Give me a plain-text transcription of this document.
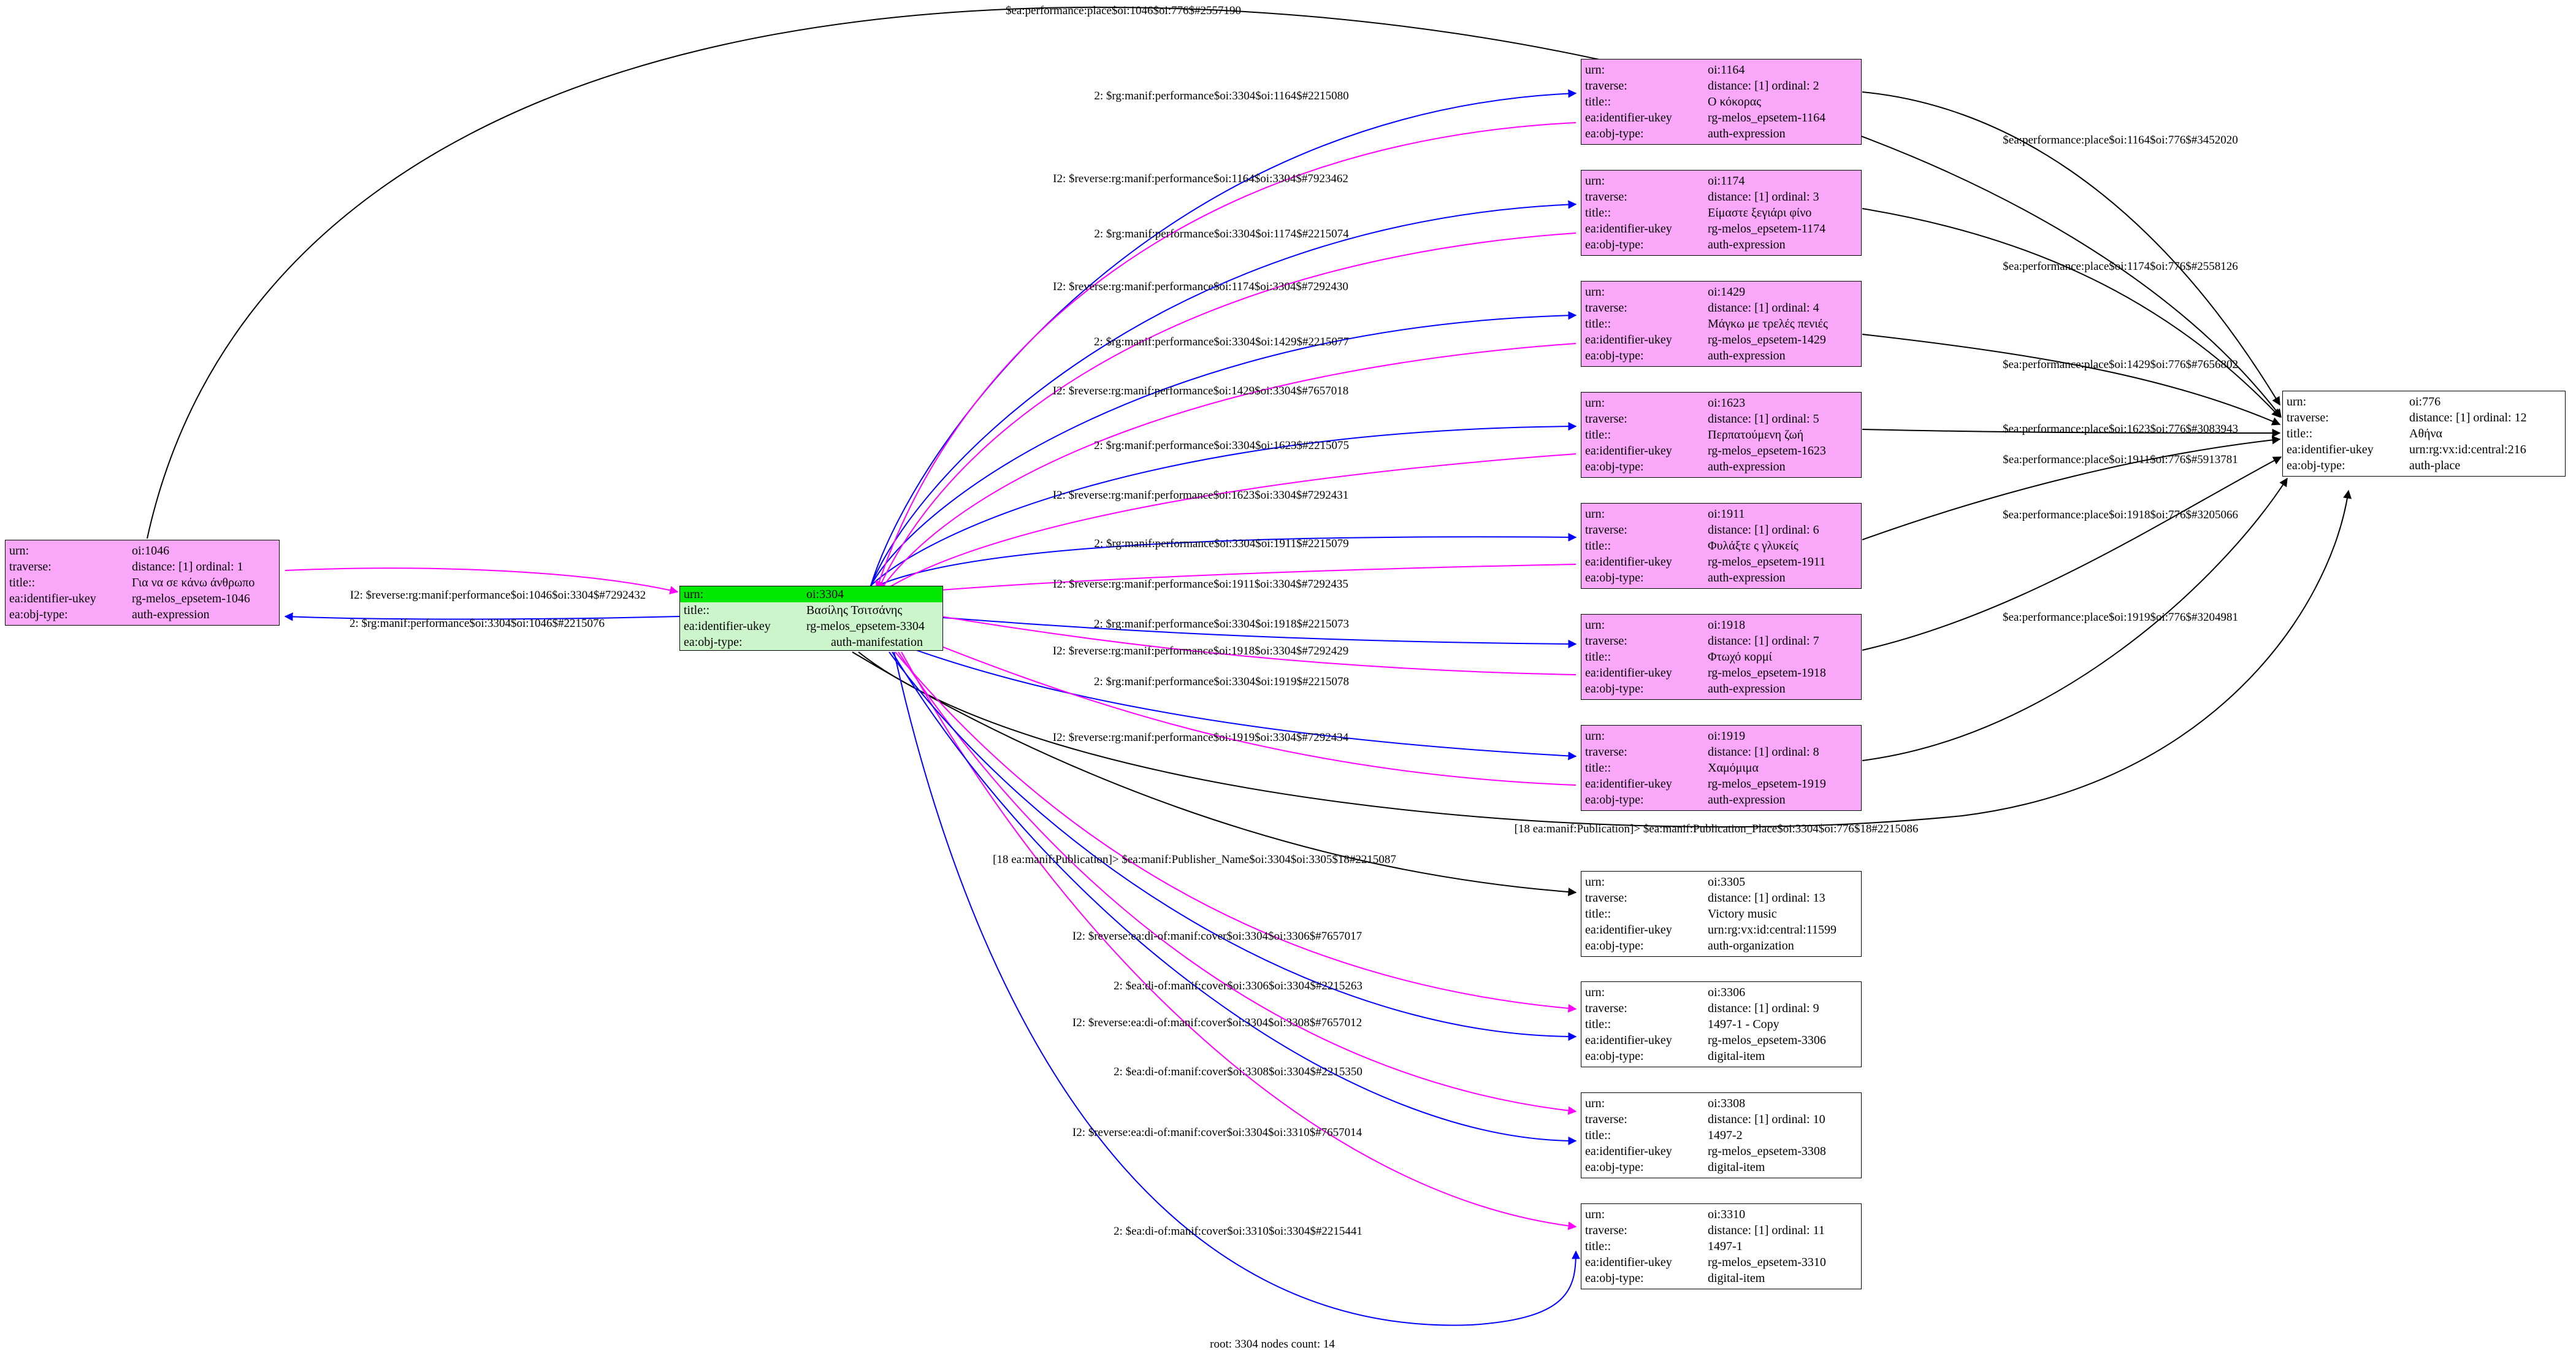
urn:	oi:1046
traverse:	distance: [1] ordinal: 1
title::	Για να σε κάνω άνθρωπο
ea:identifier-ukey	rg-melos_epsetem-1046
ea:obj-type:	auth-expression
urn:	oi:3304
title::	Βασίλης Τσιτσάνης
ea:identifier-ukey	rg-melos_epsetem-3304
ea:obj-type:	auth-manifestation
urn:	oi:1164
traverse:	distance: [1] ordinal: 2
title::	Ο κόκορας
ea:identifier-ukey	rg-melos_epsetem-1164
ea:obj-type:	auth-expression
urn:	oi:1174
traverse:	distance: [1] ordinal: 3
title::	Είμαστε ξεγιάρι φίνο
ea:identifier-ukey	rg-melos_epsetem-1174
ea:obj-type:	auth-expression
urn:	oi:1429
traverse:	distance: [1] ordinal: 4
title::	Μάγκω με τρελές πενιές
ea:identifier-ukey	rg-melos_epsetem-1429
ea:obj-type:	auth-expression
urn:	oi:1623
traverse:	distance: [1] ordinal: 5
title::	Περπατούμενη ζωή
ea:identifier-ukey	rg-melos_epsetem-1623
ea:obj-type:	auth-expression
urn:	oi:1911
traverse:	distance: [1] ordinal: 6
title::	Φυλάξτε ς γλυκείς
ea:identifier-ukey	rg-melos_epsetem-1911
ea:obj-type:	auth-expression
urn:	oi:1918
traverse:	distance: [1] ordinal: 7
title::	Φτωχό κορμί
ea:identifier-ukey	rg-melos_epsetem-1918
ea:obj-type:	auth-expression
urn:	oi:1919
traverse:	distance: [1] ordinal: 8
title::	Χαμόμιμα
ea:identifier-ukey	rg-melos_epsetem-1919
ea:obj-type:	auth-expression
urn:	oi:776
traverse:	distance: [1] ordinal: 12
title::	Αθήνα
ea:identifier-ukey	urn:rg:vx:id:central:216
ea:obj-type:	auth-place
urn:	oi:3305
traverse:	distance: [1] ordinal: 13
title::	Victory music
ea:identifier-ukey	urn:rg:vx:id:central:11599
ea:obj-type:	auth-organization
urn:	oi:3306
traverse:	distance: [1] ordinal: 9
title::	1497-1 - Copy
ea:identifier-ukey	rg-melos_epsetem-3306
ea:obj-type:	digital-item
urn:	oi:3308
traverse:	distance: [1] ordinal: 10
title::	1497-2
ea:identifier-ukey	rg-melos_epsetem-3308
ea:obj-type:	digital-item
urn:	oi:3310
traverse:	distance: [1] ordinal: 11
title::	1497-1
ea:identifier-ukey	rg-melos_epsetem-3310
ea:obj-type:	digital-item
$ea:performance:place$oi:1046$oi:776$#2557190
2: $rg:manif:performance$oi:3304$oi:1164$#2215080
I2: $reverse:rg:manif:performance$oi:1164$oi:3304$#7923462
2: $rg:manif:performance$oi:3304$oi:1174$#2215074
I2: $reverse:rg:manif:performance$oi:1174$oi:3304$#7292430
2: $rg:manif:performance$oi:3304$oi:1429$#2215077
I2: $reverse:rg:manif:performance$oi:1429$oi:3304$#7657018
2: $rg:manif:performance$oi:3304$oi:1623$#2215075
I2: $reverse:rg:manif:performance$oi:1623$oi:3304$#7292431
2: $rg:manif:performance$oi:3304$oi:1911$#2215079
I2: $reverse:rg:manif:performance$oi:1911$oi:3304$#7292435
2: $rg:manif:performance$oi:3304$oi:1918$#2215073
I2: $reverse:rg:manif:performance$oi:1918$oi:3304$#7292429
2: $rg:manif:performance$oi:3304$oi:1919$#2215078
I2: $reverse:rg:manif:performance$oi:1919$oi:3304$#7292434
I2: $reverse:rg:manif:performance$oi:1046$oi:3304$#7292432
2: $rg:manif:performance$oi:3304$oi:1046$#2215076
$ea:performance:place$oi:1164$oi:776$#3452020
$ea:performance:place$oi:1174$oi:776$#2558126
$ea:performance:place$oi:1429$oi:776$#7656802
$ea:performance:place$oi:1623$oi:776$#3083943
$ea:performance:place$oi:1911$oi:776$#5913781
$ea:performance:place$oi:1918$oi:776$#3205066
$ea:performance:place$oi:1919$oi:776$#3204981
[18 ea:manif:Publication]> $ea:manif:Publication_Place$oi:3304$oi:776$18#2215086
[18 ea:manif:Publication]> $ea:manif:Publisher_Name$oi:3304$oi:3305$18#2215087
I2: $reverse:ea:di-of:manif:cover$oi:3304$oi:3306$#7657017
2: $ea:di-of:manif:cover$oi:3306$oi:3304$#2215263
I2: $reverse:ea:di-of:manif:cover$oi:3304$oi:3308$#7657012
2: $ea:di-of:manif:cover$oi:3308$oi:3304$#2215350
I2: $reverse:ea:di-of:manif:cover$oi:3304$oi:3310$#7657014
2: $ea:di-of:manif:cover$oi:3310$oi:3304$#2215441
root: 3304 nodes count: 14
